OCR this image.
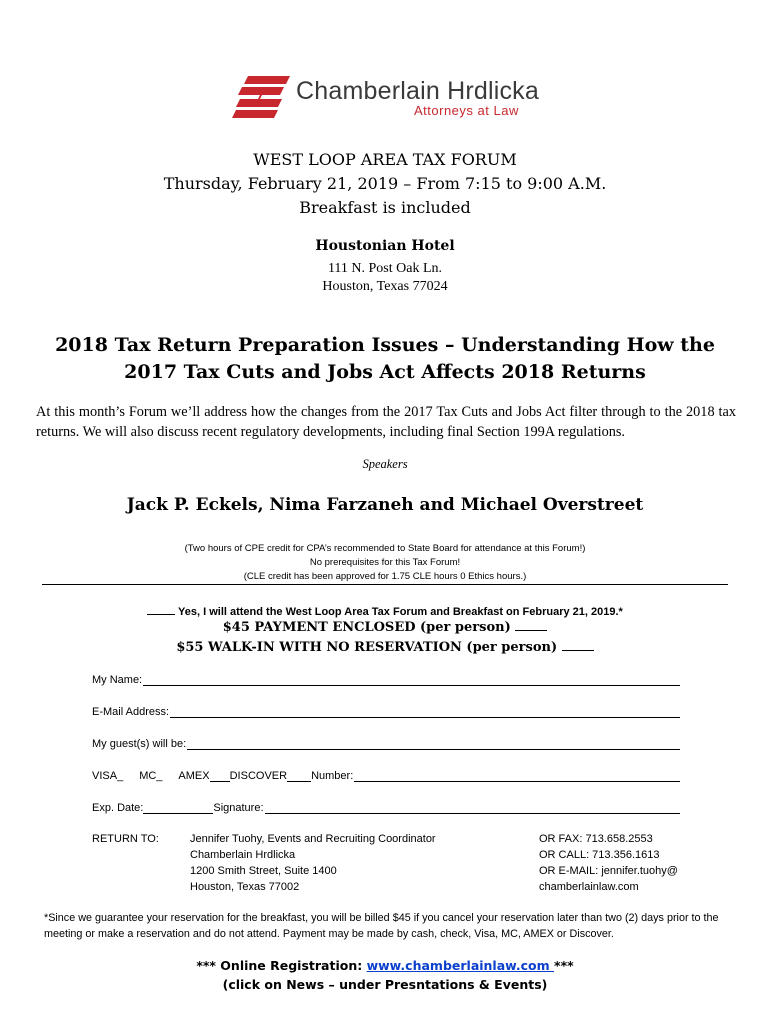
Chamberlain Hrdlicka
Attorneys at Law
WEST LOOP AREA TAX FORUM
Thursday, February 21, 2019 – From 7:15 to 9:00 A.M.
Breakfast is included
Houstonian Hotel
111 N. Post Oak Ln.
Houston, Texas 77024
2018 Tax Return Preparation Issues – Understanding How the
2017 Tax Cuts and Jobs Act Affects 2018 Returns
At this month’s Forum we’ll address how the changes from the 2017 Tax Cuts and Jobs Act filter through to the 2018 tax returns. We will also discuss recent regulatory developments, including final Section 199A regulations.
Speakers
Jack P. Eckels, Nima Farzaneh and Michael Overstreet
(Two hours of CPE credit for CPA’s recommended to State Board for attendance at this Forum!)
No prerequisites for this Tax Forum!
(CLE credit has been approved for 1.75 CLE hours 0 Ethics hours.)
Yes, I will attend the West Loop Area Tax Forum and Breakfast on February 21, 2019.*
$45 PAYMENT ENCLOSED (per person)
$55 WALK-IN WITH NO RESERVATION (per person)
My Name:
E-Mail Address:
My guest(s) will be:
VISA_ MC_ AMEX DISCOVER Number:
Exp. Date:	Signature:
RETURN TO:	Jennifer Tuohy, Events and Recruiting Coordinator
Chamberlain Hrdlicka
1200 Smith Street, Suite 1400
Houston, Texas 77002
OR FAX: 713.658.2553
OR CALL: 713.356.1613
OR E-MAIL: jennifer.tuohy@
chamberlainlaw.com
*Since we guarantee your reservation for the breakfast, you will be billed $45 if you cancel your reservation later than two (2) days prior to the meeting or make a reservation and do not attend. Payment may be made by cash, check, Visa, MC, AMEX or Discover.
*** Online Registration: www.chamberlainlaw.com ***
(click on News – under Presntations & Events)
